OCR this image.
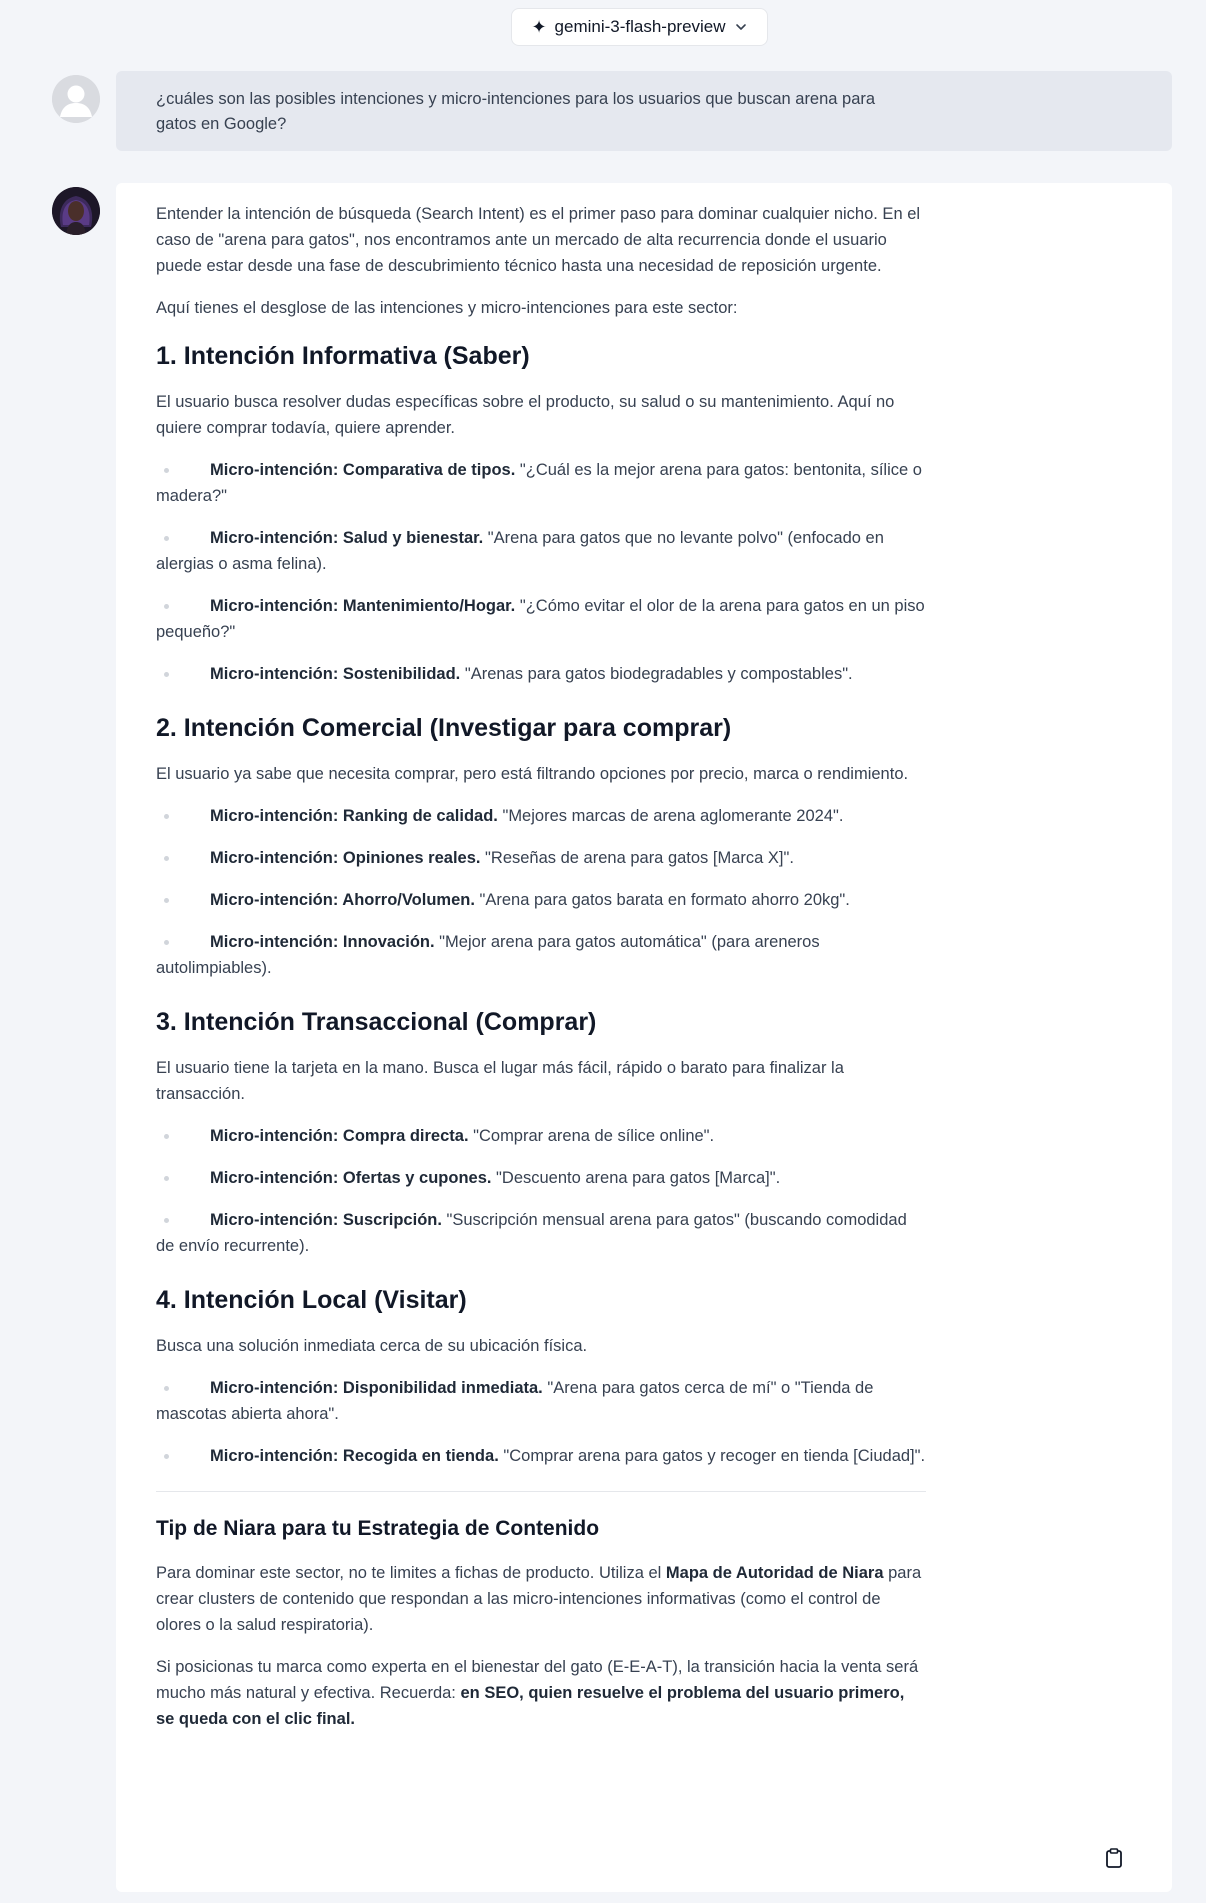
✦ gemini-3-flash-preview

¿cuáles son las posibles intenciones y micro-intenciones para los usuarios que buscan arena para gatos en Google?

Entender la intención de búsqueda (Search Intent) es el primer paso para dominar cualquier nicho. En el caso de "arena para gatos", nos encontramos ante un mercado de alta recurrencia donde el usuario puede estar desde una fase de descubrimiento técnico hasta una necesidad de reposición urgente.

Aquí tienes el desglose de las intenciones y micro-intenciones para este sector:

1. Intención Informativa (Saber)

El usuario busca resolver dudas específicas sobre el producto, su salud o su mantenimiento. Aquí no quiere comprar todavía, quiere aprender.

Micro-intención: Comparativa de tipos. "¿Cuál es la mejor arena para gatos: bentonita, sílice o madera?"
Micro-intención: Salud y bienestar. "Arena para gatos que no levante polvo" (enfocado en alergias o asma felina).
Micro-intención: Mantenimiento/Hogar. "¿Cómo evitar el olor de la arena para gatos en un piso pequeño?"
Micro-intención: Sostenibilidad. "Arenas para gatos biodegradables y compostables".
2. Intención Comercial (Investigar para comprar)

El usuario ya sabe que necesita comprar, pero está filtrando opciones por precio, marca o rendimiento.

Micro-intención: Ranking de calidad. "Mejores marcas de arena aglomerante 2024".
Micro-intención: Opiniones reales. "Reseñas de arena para gatos [Marca X]".
Micro-intención: Ahorro/Volumen. "Arena para gatos barata en formato ahorro 20kg".
Micro-intención: Innovación. "Mejor arena para gatos automática" (para areneros autolimpiables).
3. Intención Transaccional (Comprar)

El usuario tiene la tarjeta en la mano. Busca el lugar más fácil, rápido o barato para finalizar la transacción.

Micro-intención: Compra directa. "Comprar arena de sílice online".
Micro-intención: Ofertas y cupones. "Descuento arena para gatos [Marca]".
Micro-intención: Suscripción. "Suscripción mensual arena para gatos" (buscando comodidad de envío recurrente).
4. Intención Local (Visitar)

Busca una solución inmediata cerca de su ubicación física.

Micro-intención: Disponibilidad inmediata. "Arena para gatos cerca de mí" o "Tienda de mascotas abierta ahora".
Micro-intención: Recogida en tienda. "Comprar arena para gatos y recoger en tienda [Ciudad]".
Tip de Niara para tu Estrategia de Contenido

Para dominar este sector, no te limites a fichas de producto. Utiliza el Mapa de Autoridad de Niara para crear clusters de contenido que respondan a las micro-intenciones informativas (como el control de olores o la salud respiratoria).

Si posicionas tu marca como experta en el bienestar del gato (E-E-A-T), la transición hacia la venta será mucho más natural y efectiva. Recuerda: en SEO, quien resuelve el problema del usuario primero, se queda con el clic final.
